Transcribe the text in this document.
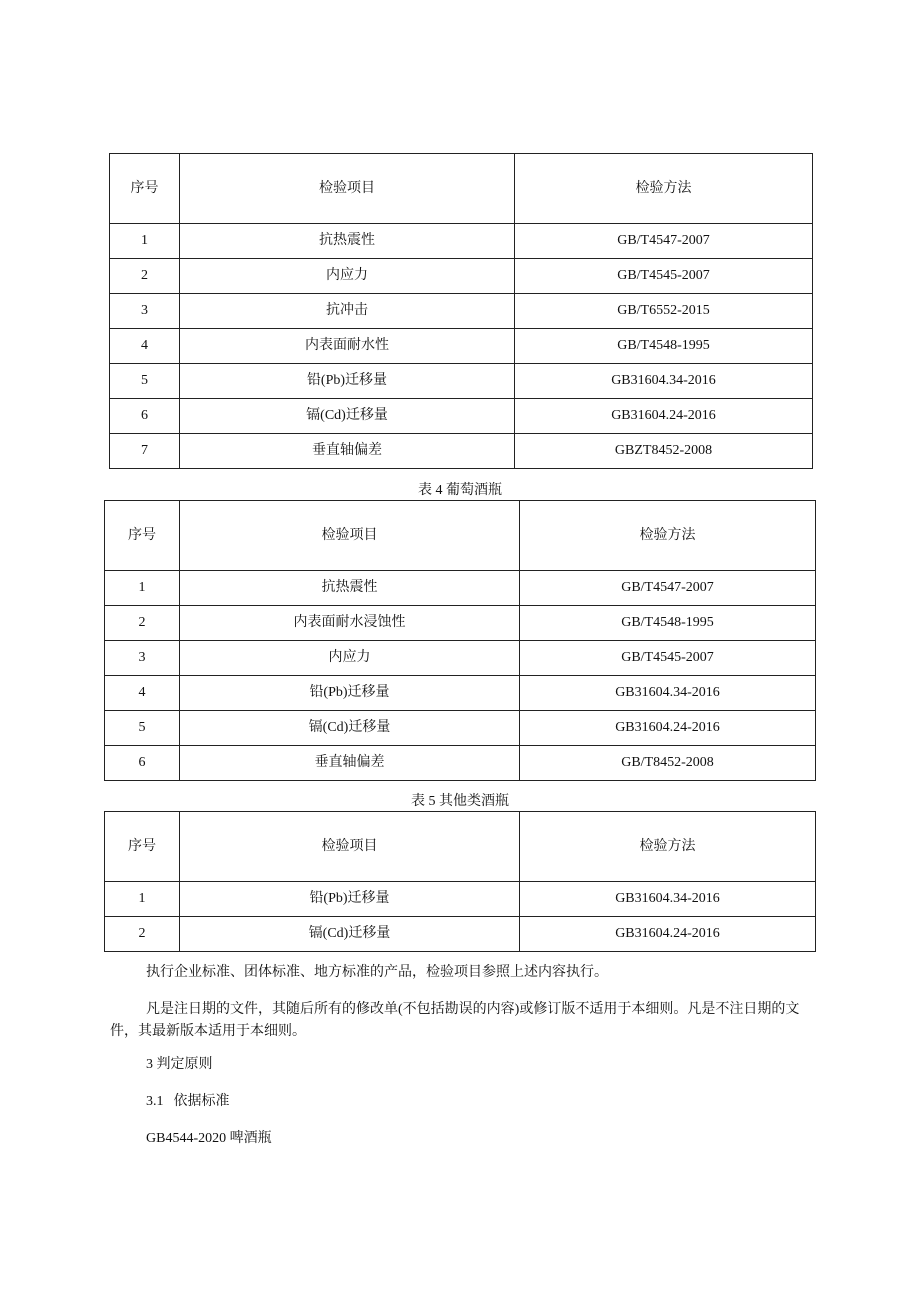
序号	检验项目	检验方法
1	抗热震性	GB/T4547-2007
2	内应力	GB/T4545-2007
3	抗冲击	GB/T6552-2015
4	内表面耐水性	GB/T4548-1995
5	铅(Pb)迁移量	GB31604.34-2016
6	镉(Cd)迁移量	GB31604.24-2016
7	垂直轴偏差	GBZT8452-2008
表 4 葡萄酒瓶
序号	检验项目	检验方法
1	抗热震性	GB/T4547-2007
2	内表面耐水浸蚀性	GB/T4548-1995
3	内应力	GB/T4545-2007
4	铅(Pb)迁移量	GB31604.34-2016
5	镉(Cd)迁移量	GB31604.24-2016
6	垂直轴偏差	GB/T8452-2008
表 5 其他类酒瓶
序号	检验项目	检验方法
1	铅(Pb)迁移量	GB31604.34-2016
2	镉(Cd)迁移量	GB31604.24-2016
执行企业标准、团体标准、地方标准的产品，检验项目参照上述内容执行。
凡是注日期的文件，其随后所有的修改单(不包括勘误的内容)或修订版不适用于本细则。凡是不注日期的文件，其最新版本适用于本细则。
3 判定原则
3.1 依据标准
GB4544-2020 啤酒瓶
